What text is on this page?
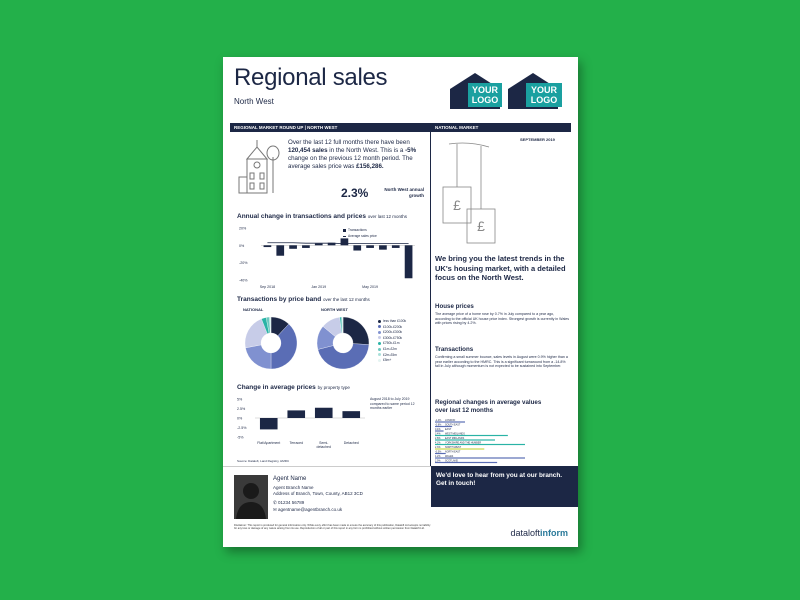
Regional sales
North West
YOUR
LOGO
YOUR
LOGO
REGIONAL MARKET ROUND UP | NORTH WEST	NATIONAL MARKET
Over the last 12 full months there have been 120,454 sales in the North West. This is a -5% change on the previous 12 month period. The average sales price was £156,286.
2.3%	North West annual growth
Annual change in transactions and prices over last 12 months
Transactions
Average sales price
20%
0%
-20%
-40%
Sep 2018	Jan 2019	May 2019
Transactions by price band over the last 12 months
NATIONAL	NORTH WEST
less than £100k
£100k-£200k
£200k-£300k
£300k-£750k
£750k-£1m
£1m-£2m
£2m-£5m
£5m+
Change in average prices by property type
August 2018 to July 2019 compared to same period 12 months earlier
5%
2.5%
0%
-2.5%
-5%
Flat/Apartment	Terraced	Semi-
detached
Detached
Source: Dataloft, Land Registry, HMRC
SEPTEMBER 2019
£
£
We bring you the latest trends in the UK's housing market, with a detailed focus on the North West.
House prices
The average price of a home rose by 0.7% in July compared to a year ago, according to the official UK house price index. Strongest growth is currently in Wales with prices rising by 4.2%.
Transactions
Confirming a small summer bounce, sales levels in August were 0.9% higher than a year earlier according to the HMRC. This is a significant turnaround from a -14.8% fall in July although momentum is not expected to be sustained into September.
Regional changes in average values over last 12 months
-1.4%	LONDON
-0.8%	SOUTH EAST
0.4%	EAST
3.4%	WEST MIDLANDS
2.8%	EAST MIDLANDS
4.2%	YORKSHIRE AND THE HUMBER
2.3%	NORTH WEST
-0.5%	NORTH EAST
4.2%	WALES
2.9%	SCOTLAND
Agent Name
Agent Branch Name
Address of Branch, Town, County, AB12 3CD
✆ 01234 56789
✉ agentname@agentbranch.co.uk
We'd love to hear from you at our branch. Get in touch!
Disclaimer: This report is produced for general information only. While every effort has been made to ensure the accuracy of this publication, Dataloft Ltd accepts no liability for any loss or damage of any nature arising from its use. Reproduction of all or part of this report in any form is prohibited without written permission from Dataloft Ltd.	dataloftinform
